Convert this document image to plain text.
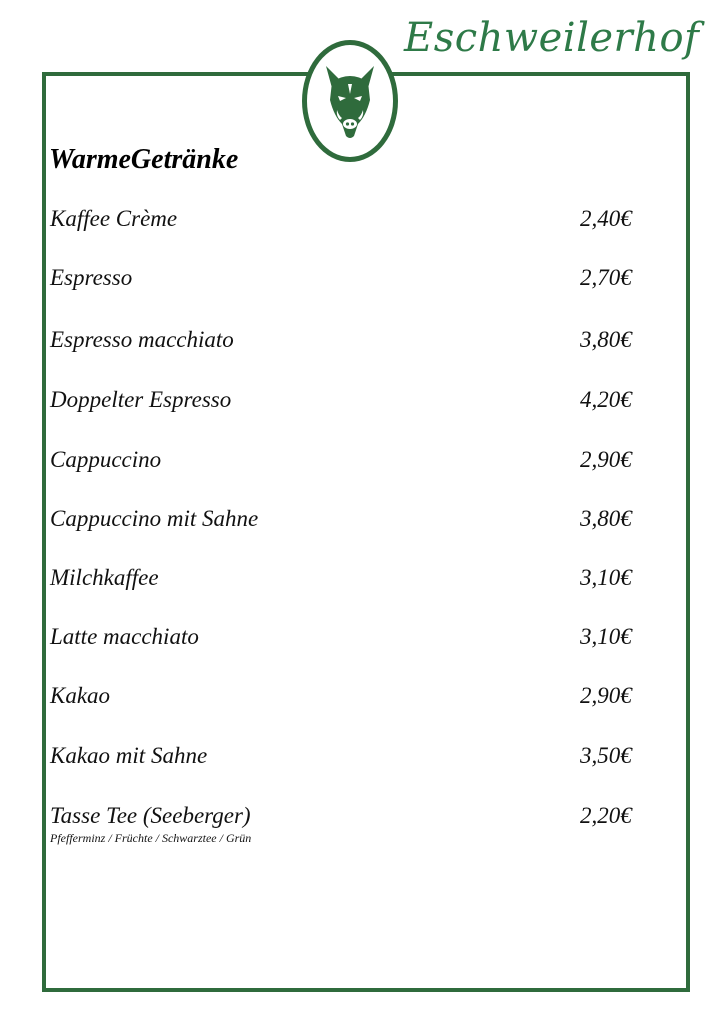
Eschweilerhof
WarmeGetränke
Kaffee Crème	2,40€
Espresso	2,70€
Espresso macchiato	3,80€
Doppelter Espresso	4,20€
Cappuccino	2,90€
Cappuccino mit Sahne	3,80€
Milchkaffee	3,10€
Latte macchiato	3,10€
Kakao	2,90€
Kakao mit Sahne	3,50€
Tasse Tee (Seeberger)	2,20€
Pfefferminz / Früchte / Schwarztee / Grün
